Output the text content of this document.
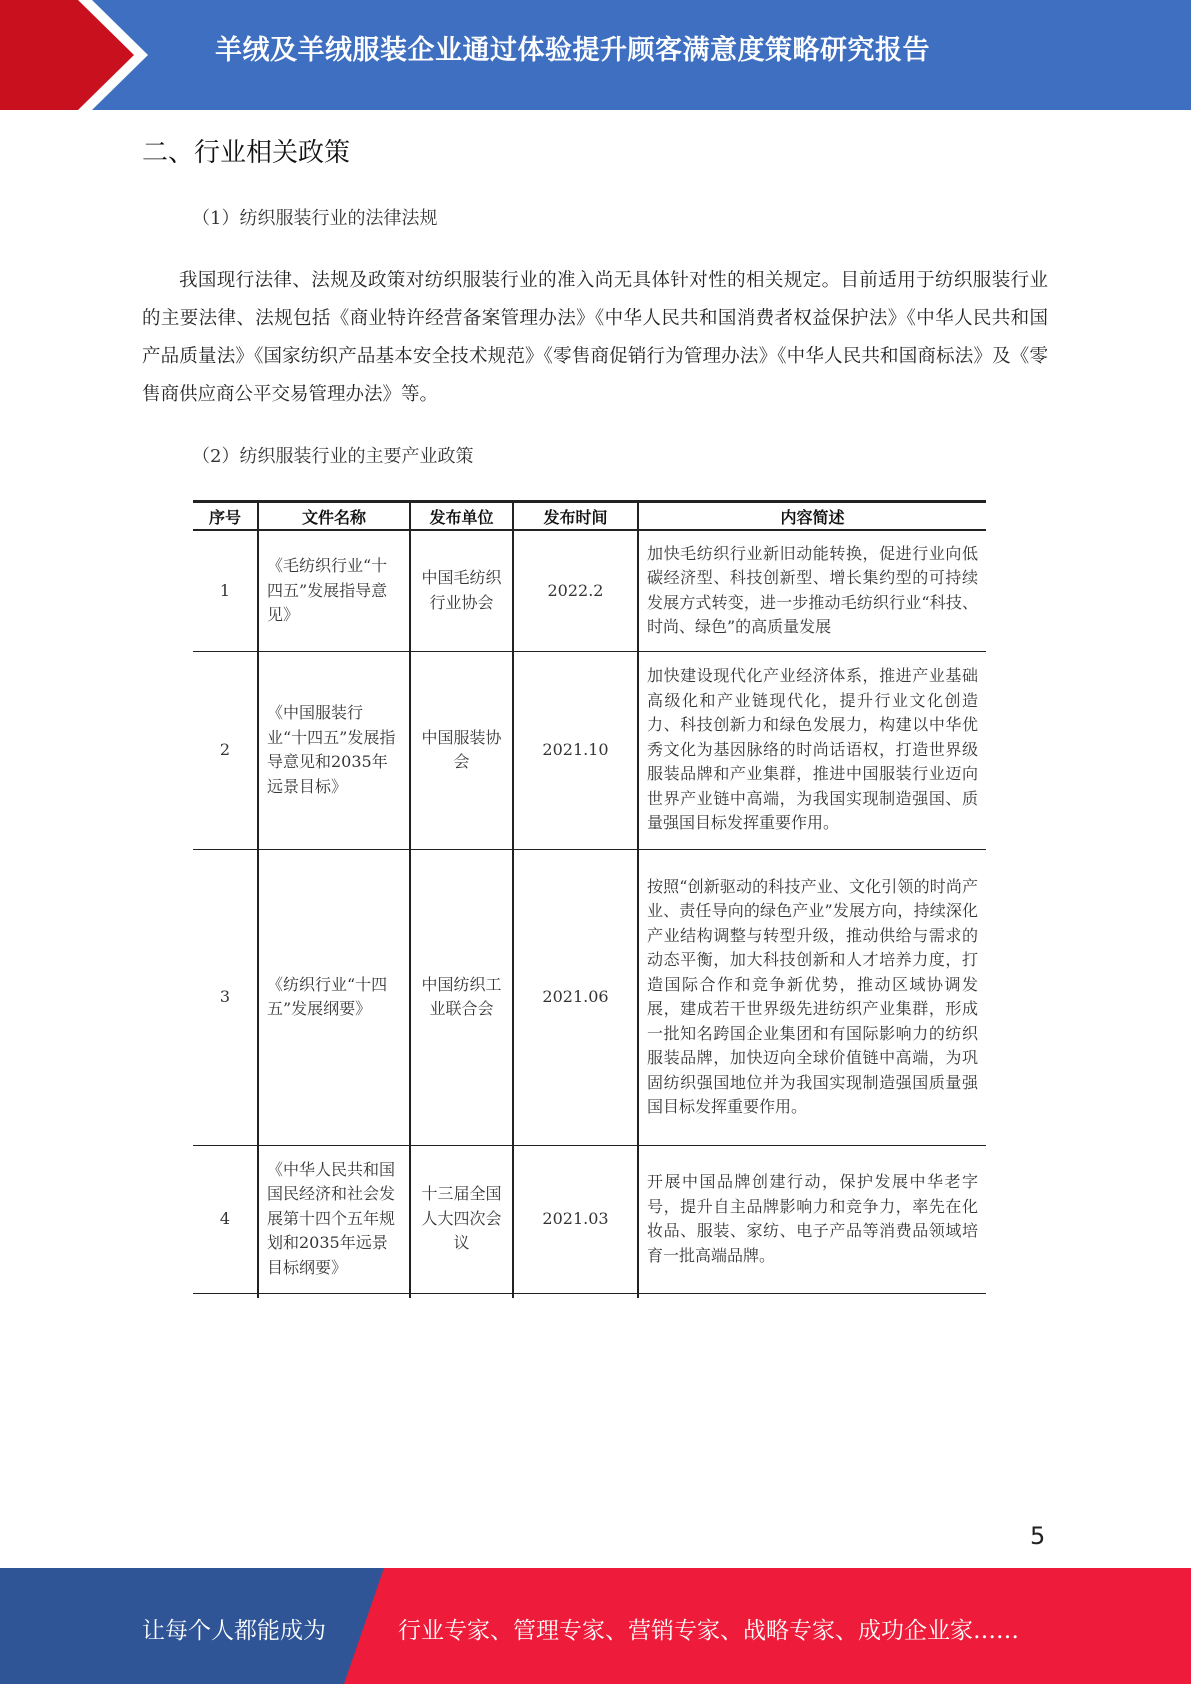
羊绒及羊绒服装企业通过体验提升顾客满意度策略研究报告
二、行业相关政策
（1）纺织服装行业的法律法规
我国现行法律、法规及政策对纺织服装行业的准入尚无具体针对性的相关规定。目前适用于纺织服装行业的主要法律、法规包括《商业特许经营备案管理办法》《中华人民共和国消费者权益保护法》《中华人民共和国产品质量法》《国家纺织产品基本安全技术规范》《零售商促销行为管理办法》《中华人民共和国商标法》及《零售商供应商公平交易管理办法》等。
（2）纺织服装行业的主要产业政策
序号	文件名称	发布单位	发布时间	内容简述
1	《毛纺织行业“十四五”发展指导意见》	中国毛纺织行业协会	2022.2	加快毛纺织行业新旧动能转换，促进行业向低碳经济型、科技创新型、增长集约型的可持续发展方式转变，进一步推动毛纺织行业“科技、时尚、绿色”的高质量发展
2	《中国服装行业“十四五”发展指导意见和2035年远景目标》	中国服装协会	2021.10	加快建设现代化产业经济体系，推进产业基础高级化和产业链现代化，提升行业文化创造力、科技创新力和绿色发展力，构建以中华优秀文化为基因脉络的时尚话语权，打造世界级服装品牌和产业集群，推进中国服装行业迈向世界产业链中高端，为我国实现制造强国、质量强国目标发挥重要作用。
3	《纺织行业“十四五”发展纲要》	中国纺织工业联合会	2021.06	按照“创新驱动的科技产业、文化引领的时尚产业、责任导向的绿色产业”发展方向，持续深化产业结构调整与转型升级，推动供给与需求的动态平衡，加大科技创新和人才培养力度，打造国际合作和竞争新优势，推动区域协调发展，建成若干世界级先进纺织产业集群，形成一批知名跨国企业集团和有国际影响力的纺织服装品牌，加快迈向全球价值链中高端，为巩固纺织强国地位并为我国实现制造强国质量强国目标发挥重要作用。
4	《中华人民共和国国民经济和社会发展第十四个五年规划和2035年远景目标纲要》	十三届全国人大四次会议	2021.03	开展中国品牌创建行动，保护发展中华老字号，提升自主品牌影响力和竞争力，率先在化妆品、服装、家纺、电子产品等消费品领域培育一批高端品牌。

5
让每个人都能成为	行业专家、管理专家、营销专家、战略专家、成功企业家……
